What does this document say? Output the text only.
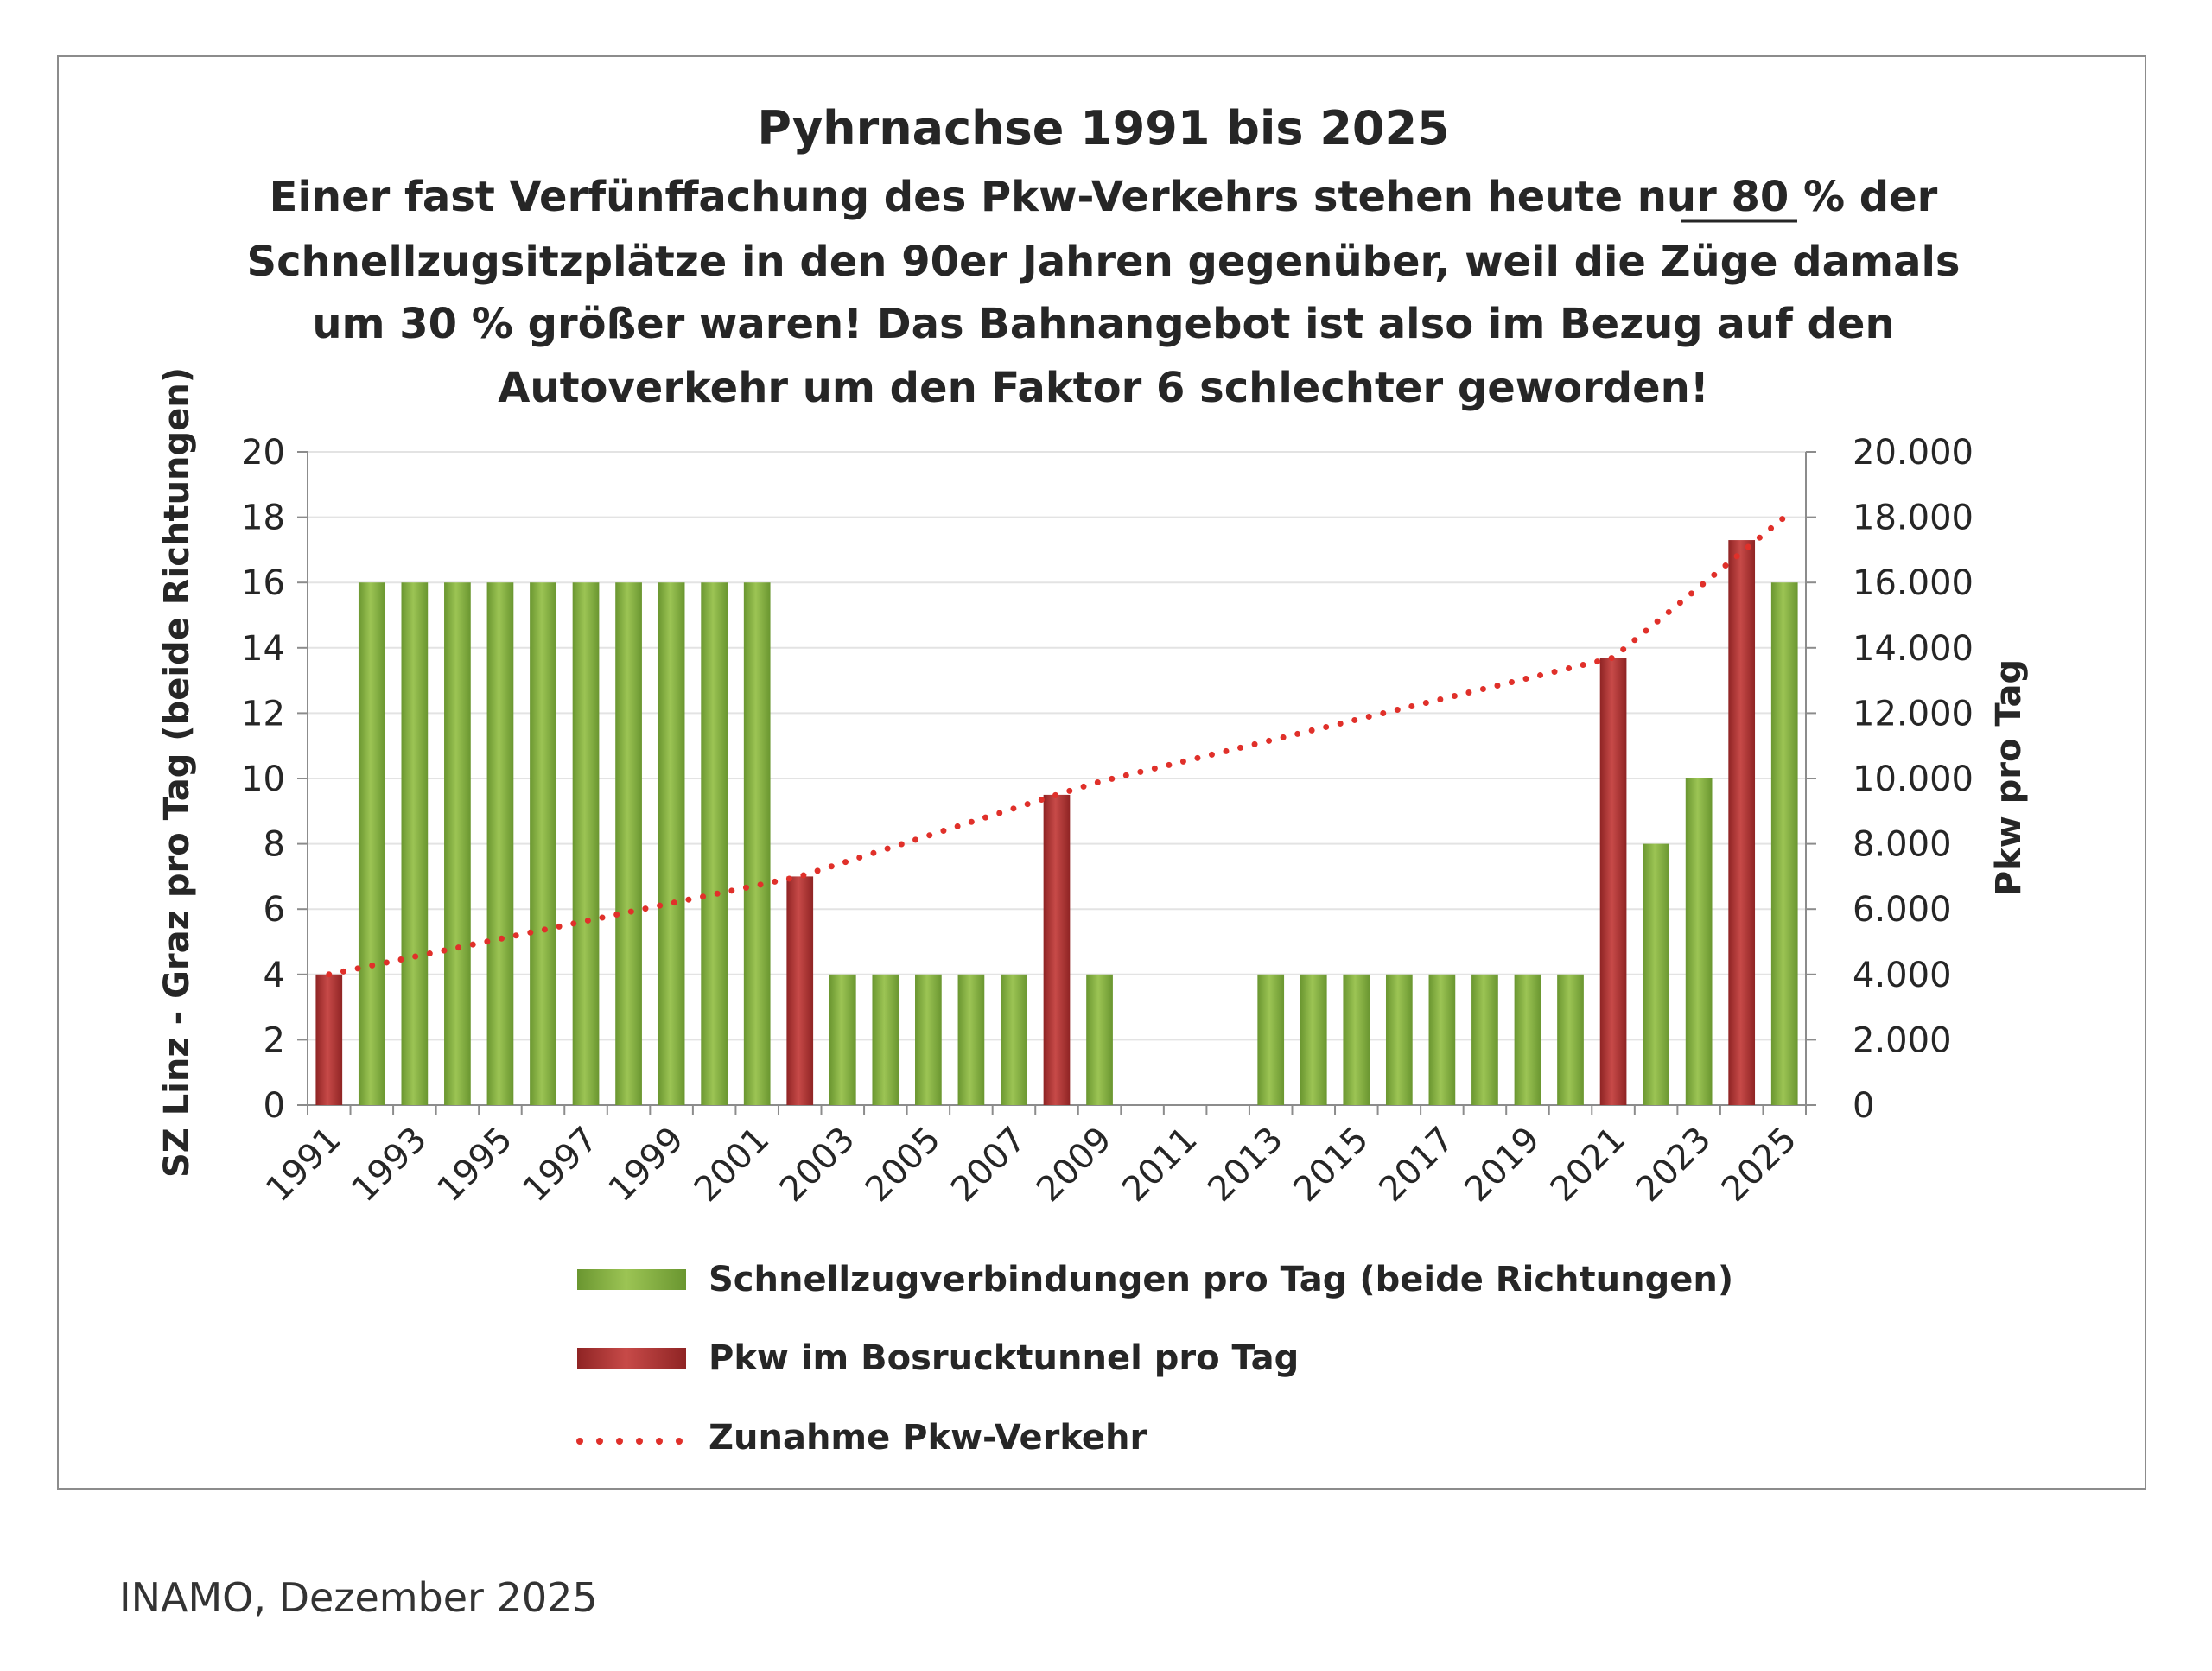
Pyhrnachse 1991 bis 2025
Einer fast Verfünffachung des Pkw-Verkehrs stehen heute nur 80 % der
Schnellzugsitzplätze in den 90er Jahren gegenüber, weil die Züge damals
um 30 % größer waren! Das Bahnangebot ist also im Bezug auf den
Autoverkehr um den Faktor 6 schlechter geworden!
0
2
4
6
8
10
12
14
16
18
20
0
2.000
4.000
6.000
8.000
10.000
12.000
14.000
16.000
18.000
20.000
1991
1993
1995
1997
1999
2001
2003
2005
2007
2009
2011
2013
2015
2017
2019
2021
2023
2025
SZ Linz - Graz pro Tag (beide Richtungen)	Pkw pro Tag
Schnellzugverbindungen pro Tag (beide Richtungen)
Pkw im Bosrucktunnel pro Tag
Zunahme Pkw-Verkehr
INAMO, Dezember 2025
